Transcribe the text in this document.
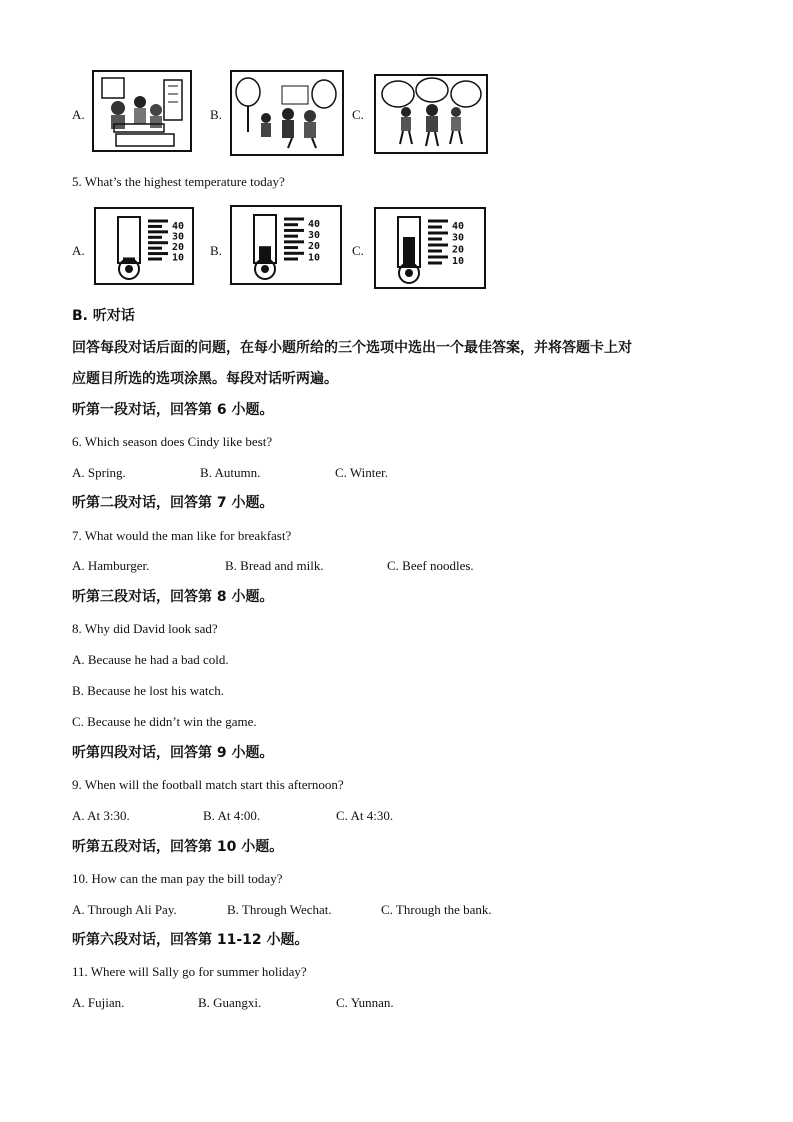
A.	B.	C.
5. What’s the highest temperature today?
A.
40
30
20
10
B.
40
30
20
10 C.
40
30
20
10
B. 听对话
回答每段对话后面的问题，在每小题所给的三个选项中选出一个最佳答案，并将答题卡上对
应题目所选的选项涂黑。每段对话听两遍。
听第一段对话，回答第 6 小题。
6. Which season does Cindy like best?
A. Spring.	B. Autumn.	C. Winter.
听第二段对话，回答第 7 小题。
7. What would the man like for breakfast?
A. Hamburger.	B. Bread and milk.	C. Beef noodles.
听第三段对话，回答第 8 小题。
8. Why did David look sad?
A. Because he had a bad cold.
B. Because he lost his watch.
C. Because he didn’t win the game.
听第四段对话，回答第 9 小题。
9. When will the football match start this afternoon?
A. At 3:30.	B. At 4:00.	C. At 4:30.
听第五段对话，回答第 10 小题。
10. How can the man pay the bill today?
A. Through Ali Pay.	B. Through Wechat.	C. Through the bank.
听第六段对话，回答第 11-12 小题。
11. Where will Sally go for summer holiday?
A. Fujian.	B. Guangxi.	C. Yunnan.
